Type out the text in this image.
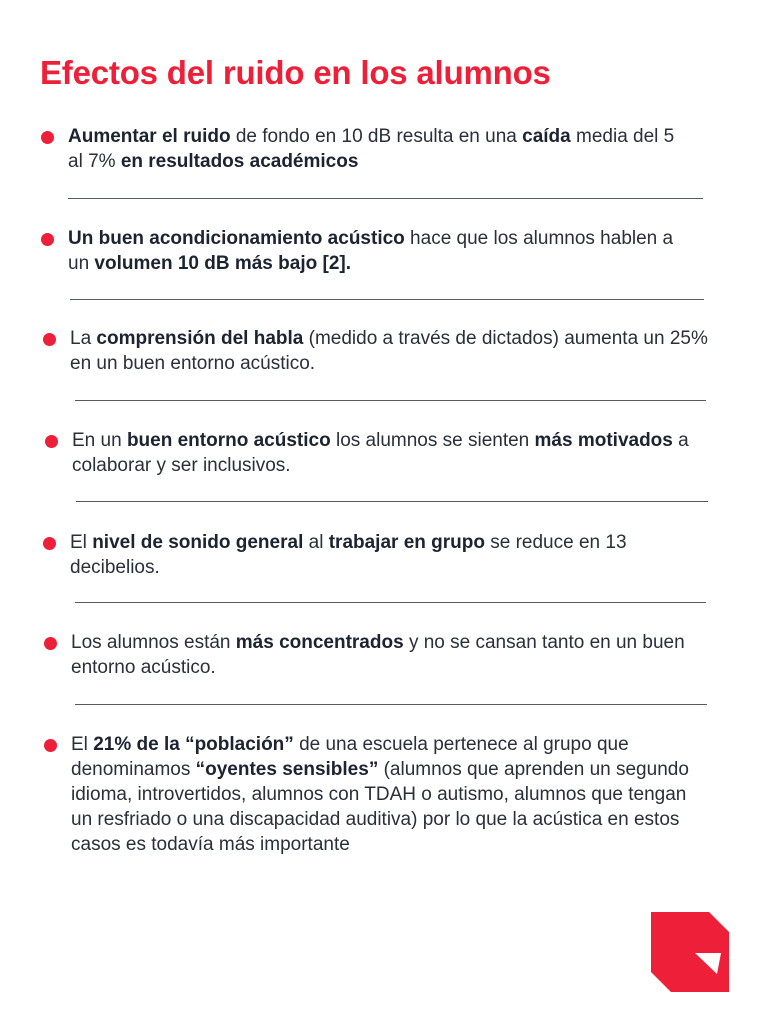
Efectos del ruido en los alumnos

Aumentar el ruido de fondo en 10 dB resulta en una caída media del 5 al 7% en resultados académicos

Un buen acondicionamiento acústico hace que los alumnos hablen a un volumen 10 dB más bajo [2].

La comprensión del habla (medido a través de dictados) aumenta un 25% en un buen entorno acústico.

En un buen entorno acústico los alumnos se sienten más motivados a colaborar y ser inclusivos.

El nivel de sonido general al trabajar en grupo se reduce en 13 decibelios.

Los alumnos están más concentrados y no se cansan tanto en un buen entorno acústico.

El 21% de la “población” de una escuela pertenece al grupo que denominamos “oyentes sensibles” (alumnos que aprenden un segundo idioma, introvertidos, alumnos con TDAH o autismo, alumnos que tengan un resfriado o una discapacidad auditiva) por lo que la acústica en estos casos es todavía más importante
